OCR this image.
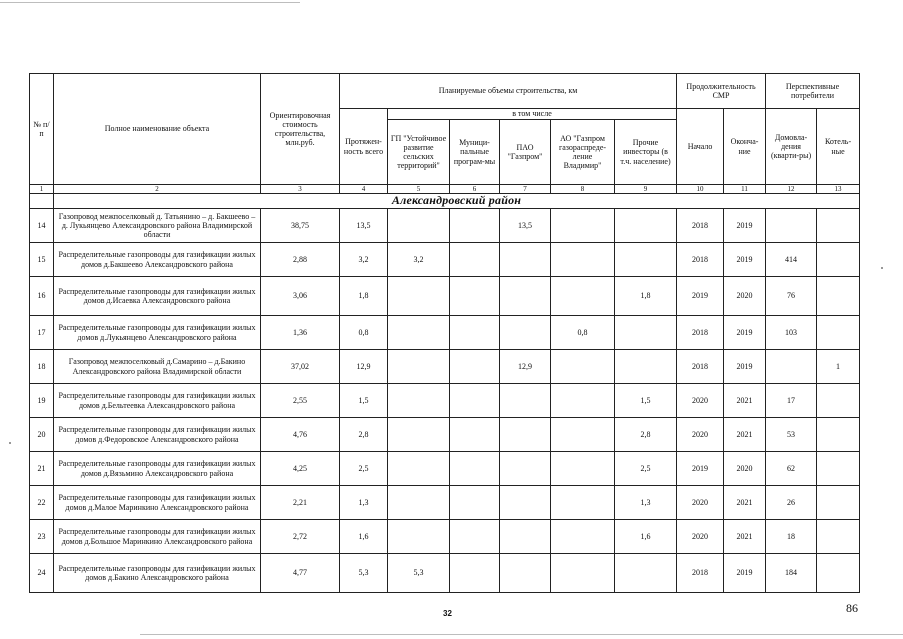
№ п/п	Полное наименование объекта	Ориентировочная стоимость строительства, млн.руб.	Планируемые объемы строительства, км						Продолжительность СМР		Перспективные потребители	
			Протяжен-ность всего	в том числе					Начало	Оконча-ние	Домовла-дения (кварти-ры)	Котель-ные
				ГП "Устойчивое развитие сельских территорий"	Муници-пальные програм-мы	ПАО "Газпром"	АО "Газпром газораспреде-ление Владимир"	Прочие инвесторы (в т.ч. население)				
1	2	3	4	5	6	7	8	9	10	11	12	13
	Александровский район											
14	Газопровод межпоселковый д. Татьянино – д. Бакшеево – д. Лукьянцево Александровского района Владимирской области	38,75	13,5			13,5			2018	2019		
15	Распределительные газопроводы для газификации жилых домов д.Бакшеево Александровского района	2,88	3,2	3,2					2018	2019	414	
16	Распределительные газопроводы для газификации жилых домов д.Исаевка Александровского района	3,06	1,8					1,8	2019	2020	76	
17	Распределительные газопроводы для газификации жилых домов д.Лукьянцево Александровского района	1,36	0,8				0,8		2018	2019	103	
18	Газопровод межпоселковый д.Самарино – д.Бакино Александровского района Владимирской области	37,02	12,9			12,9			2018	2019		1
19	Распределительные газопроводы для газификации жилых домов д.Бельтеевка Александровского района	2,55	1,5					1,5	2020	2021	17	
20	Распределительные газопроводы для газификации жилых домов д.Федоровское Александровского района	4,76	2,8					2,8	2020	2021	53	
21	Распределительные газопроводы для газификации жилых домов д.Вязьмино Александровского района	4,25	2,5					2,5	2019	2020	62	
22	Распределительные газопроводы для газификации жилых домов д.Малое Маринкино Александровского района	2,21	1,3					1,3	2020	2021	26	
23	Распределительные газопроводы для газификации жилых домов д.Большое Маринкино Александровского района	2,72	1,6					1,6	2020	2021	18	
24	Распределительные газопроводы для газификации жилых домов д.Бакино Александровского района	4,77	5,3	5,3					2018	2019	184	
32	86
